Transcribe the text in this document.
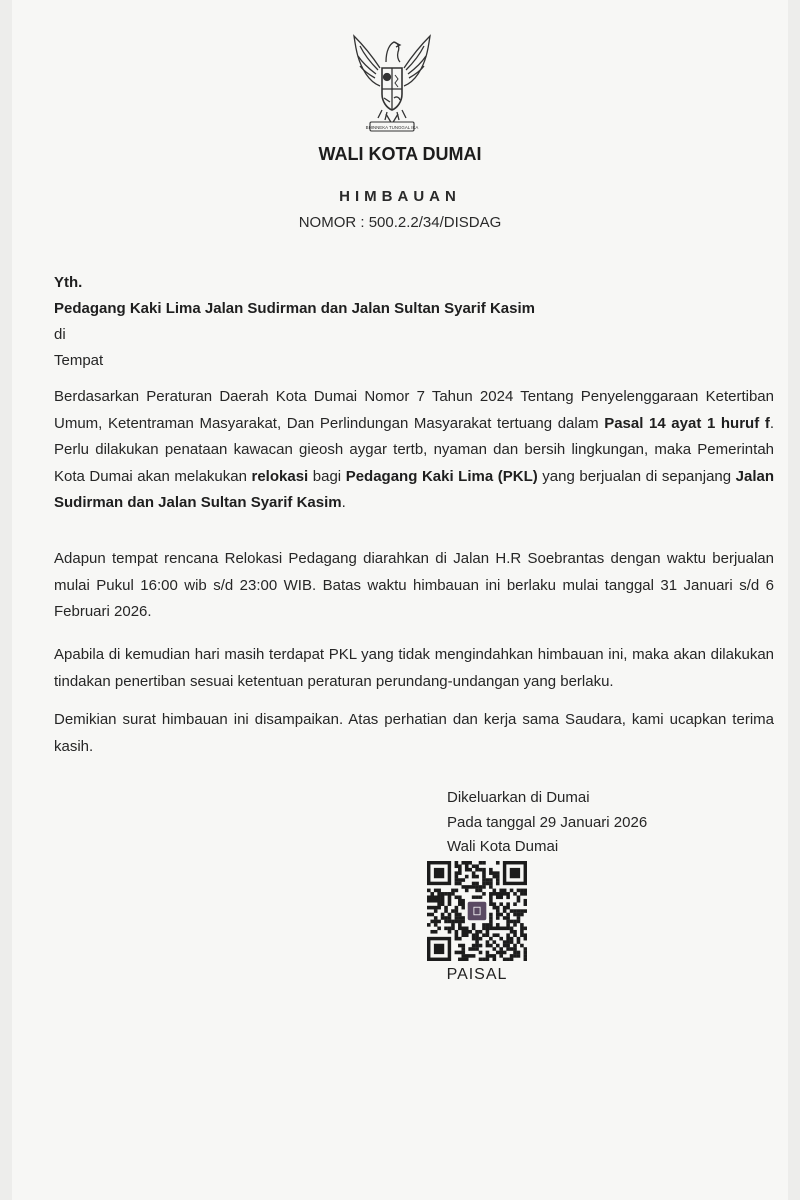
BHINNEKA TUNGGAL IKA

WALI KOTA DUMAI

HIMBAUAN

NOMOR : 500.2.2/34/DISDAG

Yth.
Pedagang Kaki Lima Jalan Sudirman dan Jalan Sultan Syarif Kasim
di
Tempat

Berdasarkan Peraturan Daerah Kota Dumai Nomor 7 Tahun 2024 Tentang Penyelenggaraan Ketertiban Umum, Ketentraman Masyarakat, Dan Perlindungan Masyarakat tertuang dalam Pasal 14 ayat 1 huruf f. Perlu dilakukan penataan kawacan gieosh aygar tertb, nyaman dan bersih lingkungan, maka Pemerintah Kota Dumai akan melakukan relokasi bagi Pedagang Kaki Lima (PKL) yang berjualan di sepanjang Jalan Sudirman dan Jalan Sultan Syarif Kasim.

Adapun tempat rencana Relokasi Pedagang diarahkan di Jalan H.R Soebrantas dengan waktu berjualan mulai Pukul 16:00 wib s/d 23:00 WIB. Batas waktu himbauan ini berlaku mulai tanggal 31 Januari s/d 6 Februari 2026.

Apabila di kemudian hari masih terdapat PKL yang tidak mengindahkan himbauan ini, maka akan dilakukan tindakan penertiban sesuai ketentuan peraturan perundang-undangan yang berlaku.

Demikian surat himbauan ini disampaikan. Atas perhatian dan kerja sama Saudara, kami ucapkan terima kasih.

Dikeluarkan di Dumai
Pada tanggal 29 Januari 2026
Wali Kota Dumai
PAISAL
